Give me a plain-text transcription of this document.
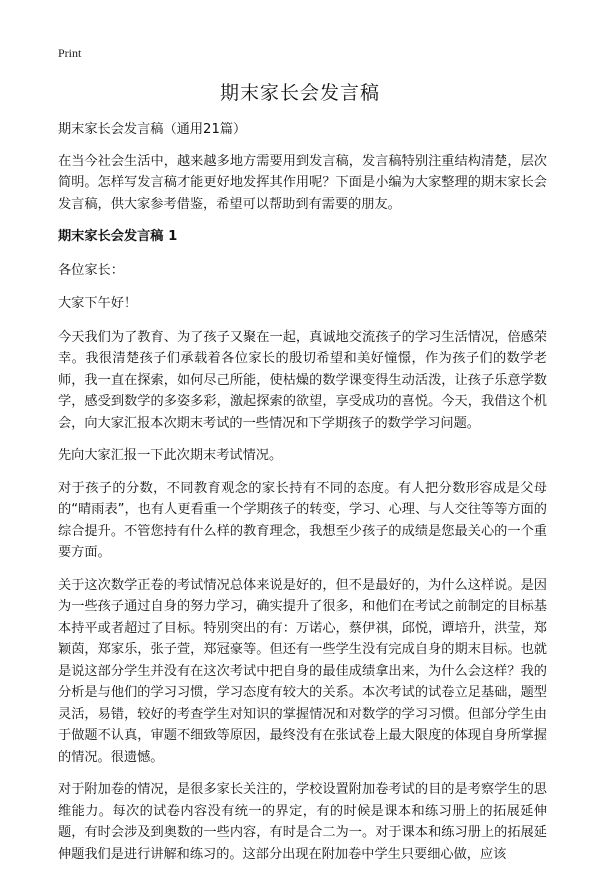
Print
期末家长会发言稿

期末家长会发言稿（通用21篇）

在当今社会生活中，越来越多地方需要用到发言稿，发言稿特别注重结构清楚，层次简明。怎样写发言稿才能更好地发挥其作用呢？下面是小编为大家整理的期末家长会发言稿，供大家参考借鉴，希望可以帮助到有需要的朋友。

期末家长会发言稿 1

各位家长：

大家下午好！

今天我们为了教育、为了孩子又聚在一起，真诚地交流孩子的学习生活情况，倍感荣幸。我很清楚孩子们承载着各位家长的殷切希望和美好憧憬，作为孩子们的数学老师，我一直在探索，如何尽己所能，使枯燥的数学课变得生动活泼，让孩子乐意学数学，感受到数学的多姿多彩，激起探索的欲望，享受成功的喜悦。今天，我借这个机会，向大家汇报本次期末考试的一些情况和下学期孩子的数学学习问题。

先向大家汇报一下此次期末考试情况。

对于孩子的分数，不同教育观念的家长持有不同的态度。有人把分数形容成是父母的“晴雨表”，也有人更看重一个学期孩子的转变，学习、心理、与人交往等等方面的综合提升。不管您持有什么样的教育理念，我想至少孩子的成绩是您最关心的一个重要方面。

关于这次数学正卷的考试情况总体来说是好的，但不是最好的，为什么这样说。是因为一些孩子通过自身的努力学习，确实提升了很多，和他们在考试之前制定的目标基本持平或者超过了目标。特别突出的有：万诺心，蔡伊祺，邱悦，谭培升，洪莹，郑颖茵，郑家乐，张子萱，郑冠豪等。但还有一些学生没有完成自身的期末目标。也就是说这部分学生并没有在这次考试中把自身的最佳成绩拿出来，为什么会这样？我的分析是与他们的学习习惯，学习态度有较大的关系。本次考试的试卷立足基础，题型灵活，易错，较好的考查学生对知识的掌握情况和对数学的学习习惯。但部分学生由于做题不认真，审题不细致等原因，最终没有在张试卷上最大限度的体现自身所掌握的情况。很遗憾。

对于附加卷的情况，是很多家长关注的，学校设置附加卷考试的目的是考察学生的思维能力。每次的试卷内容没有统一的界定，有的时候是课本和练习册上的拓展延伸题，有时会涉及到奥数的一些内容，有时是合二为一。对于课本和练习册上的拓展延伸题我们是进行讲解和练习的。这部分出现在附加卷中学生只要细心做，应该
